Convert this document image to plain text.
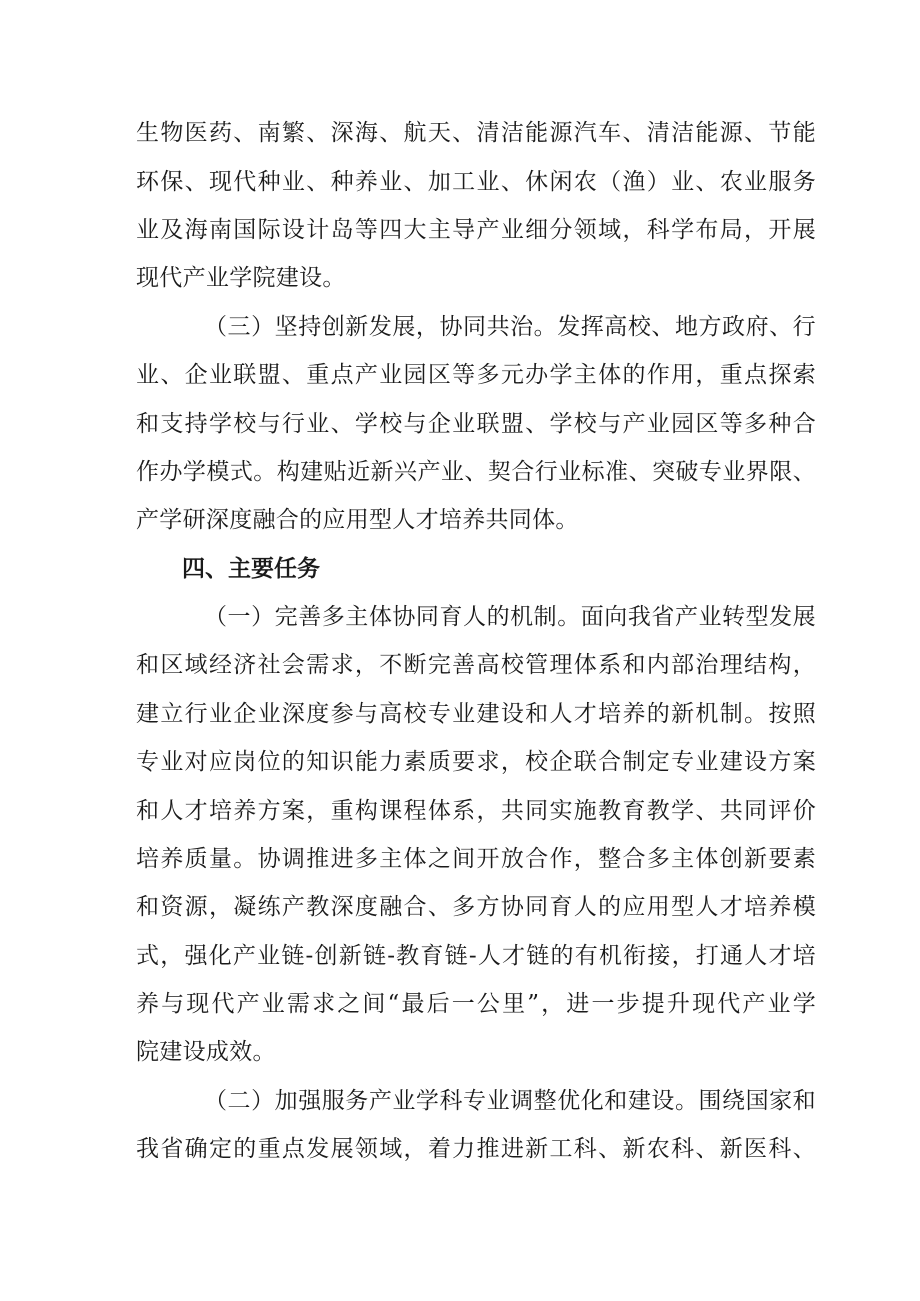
生物医药、南繁、深海、航天、清洁能源汽车、清洁能源、节能
环保、现代种业、种养业、加工业、休闲农（渔）业、农业服务
业及海南国际设计岛等四大主导产业细分领域，科学布局，开展
现代产业学院建设。
（三）坚持创新发展，协同共治。发挥高校、地方政府、行
业、企业联盟、重点产业园区等多元办学主体的作用，重点探索
和支持学校与行业、学校与企业联盟、学校与产业园区等多种合
作办学模式。构建贴近新兴产业、契合行业标准、突破专业界限、
产学研深度融合的应用型人才培养共同体。
四、主要任务
（一）完善多主体协同育人的机制。面向我省产业转型发展
和区域经济社会需求，不断完善高校管理体系和内部治理结构，
建立行业企业深度参与高校专业建设和人才培养的新机制。按照
专业对应岗位的知识能力素质要求，校企联合制定专业建设方案
和人才培养方案，重构课程体系，共同实施教育教学、共同评价
培养质量。协调推进多主体之间开放合作，整合多主体创新要素
和资源，凝练产教深度融合、多方协同育人的应用型人才培养模
式，强化产业链-创新链-教育链-人才链的有机衔接，打通人才培
养与现代产业需求之间“最后一公里”，进一步提升现代产业学
院建设成效。
（二）加强服务产业学科专业调整优化和建设。围绕国家和
我省确定的重点发展领域，着力推进新工科、新农科、新医科、
